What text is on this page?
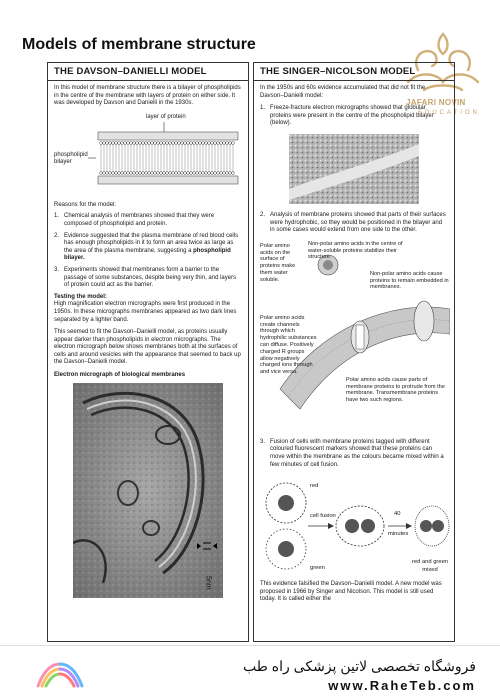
Models of membrane structure
JAFARI NOVIN
EDUCATION
THE DAVSON–DANIELLI MODEL
In this model of membrane structure there is a bilayer of phospholipids in the centre of the membrane with layers of protein on either side. It was developed by Davson and Danielli in the 1930s.
layer of protein
phospholipid bilayer
Reasons for the model:
1. Chemical analysis of membranes showed that they were composed of phospholipid and protein.
2. Evidence suggested that the plasma membrane of red blood cells has enough phospholipids in it to form an area twice as large as the area of the plasma membrane, suggesting a phospholipid bilayer.
3. Experiments showed that membranes form a barrier to the passage of some substances, despite being very thin, and layers of protein could act as the barrier.
Testing the model:
High magnification electron micrographs were first produced in the 1950s. In these micrographs membranes appeared as two dark lines separated by a lighter band.
This seemed to fit the Davson–Danielli model, as proteins usually appear darker than phospholipids in electron micrographs. The electron micrograph below shows membranes both at the surfaces of cells and around vesicles with the appearance that seemed to back up the Davson–Danielli model.
Electron micrograph of biological membranes
5nm
THE SINGER–NICOLSON MODEL
In the 1950s and 60s evidence accumulated that did not fit the Davson–Danielli model:
1. Freeze-fracture electron micrographs showed that globular proteins were present in the centre of the phospholipid bilayer (below).
2. Analysis of membrane proteins showed that parts of their surfaces were hydrophobic, so they would be positioned in the bilayer and in some cases would extend from one side to the other.
Polar amino acids on the surface of proteins make them water soluble.
Non-polar amino acids in the centre of water-soluble proteins stabilize their structure.
Non-polar amino acids cause proteins to remain embedded in membranes.
Polar amino acids create channels through which hydrophilic substances can diffuse. Positively charged R groups allow negatively charged ions through and vice versa.
Polar amino acids cause parts of membrane proteins to protrude from the membrane. Transmembrane proteins have two such regions.
3. Fusion of cells with membrane proteins tagged with different coloured fluorescent markers showed that these proteins can move within the membrane as the colours became mixed within a few minutes of cell fusion.
red
cell fusion	40
minutes
green
red and green mixed
This evidence falsified the Davson–Danielli model. A new model was proposed in 1966 by Singer and Nicolson. This model is still used today. It is called either the
فروشگاه تخصصی لاتین پزشکی راه طب
www.RaheTeb.com
